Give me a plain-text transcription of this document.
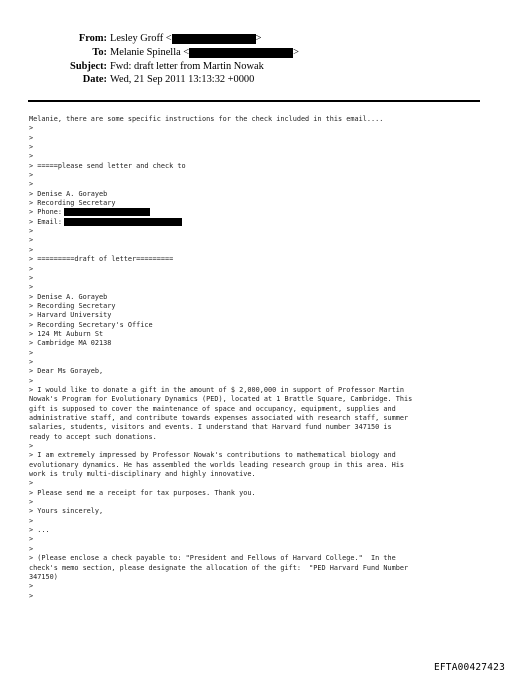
From: Lesley Groff <	>
To: Melanie Spinella <	>
Subject: Fwd: draft letter from Martin Nowak
Date: Wed, 21 Sep 2011 13:13:32 +0000
Melanie, there are some specific instructions for the check included in this email....
>
>
>
>
> =====please send letter and check to
>
>
> Denise A. Gorayeb
> Recording Secretary
> Phone:
> Email:
>
>
>
> =========draft of letter=========
>
>
>
> Denise A. Gorayeb
> Recording Secretary
> Harvard University
> Recording Secretary's Office
> 124 Mt Auburn St
> Cambridge MA 02138
>
>
> Dear Ms Gorayeb,
>
> I would like to donate a gift in the amount of $ 2,000,000 in support of Professor Martin
Nowak's Program for Evolutionary Dynamics (PED), located at 1 Brattle Square, Cambridge. This
gift is supposed to cover the maintenance of space and occupancy, equipment, supplies and
administrative staff, and contribute towards expenses associated with research staff, summer
salaries, students, visitors and events. I understand that Harvard fund number 347150 is
ready to accept such donations.
>
> I am extremely impressed by Professor Nowak's contributions to mathematical biology and
evolutionary dynamics. He has assembled the worlds leading research group in this area. His
work is truly multi-disciplinary and highly innovative.
>
> Please send me a receipt for tax purposes. Thank you.
>
> Yours sincerely,
>
> ...
>
>
> (Please enclose a check payable to: "President and Fellows of Harvard College."  In the
check's memo section, please designate the allocation of the gift:  "PED Harvard Fund Number
347150)
>
>
EFTA00427423
